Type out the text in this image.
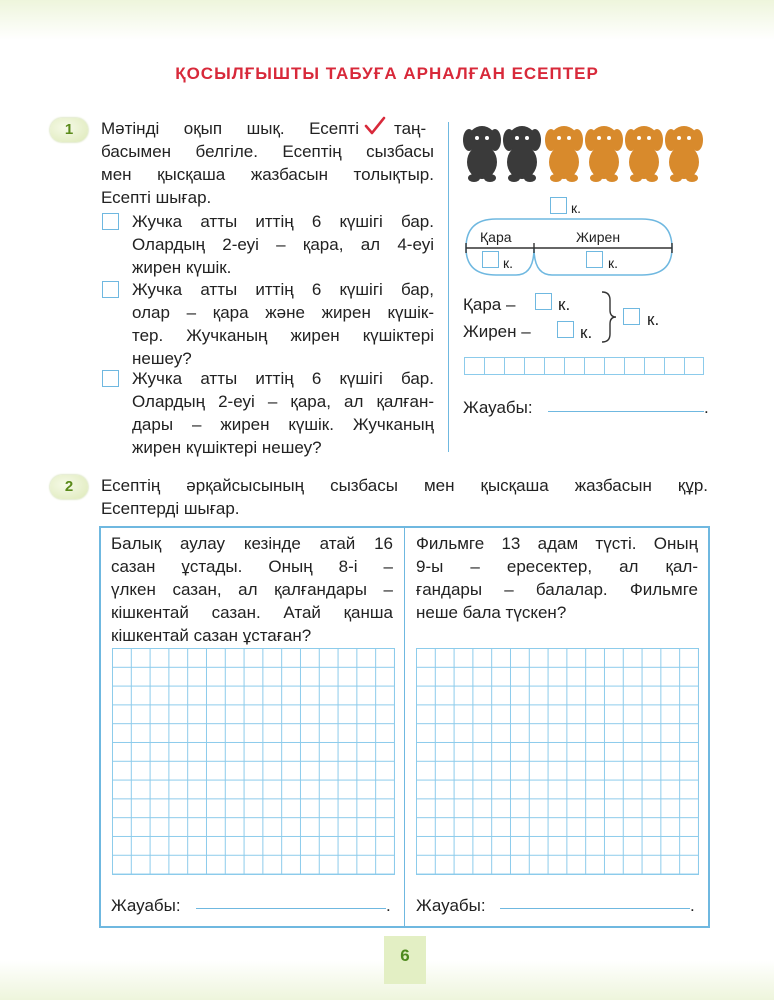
ҚОСЫЛҒЫШТЫ ТАБУҒА АРНАЛҒАН ЕСЕПТЕР
1	Мәтінді оқып шық. Есепті
басымен белгіле. Есептің сызбасы
мен қысқаша жазбасын толықтыр.
Есепті шығар.
таң-
Жучка атты иттің 6 күшігі бар.
Олардың 2-еуі – қара, ал 4-еуі
жирен күшік.
Жучка атты иттің 6 күшігі бар,
олар – қара және жирен күшік-
тер. Жучканың жирен күшіктері
нешеу?
Жучка атты иттің 6 күшігі бар.
Олардың 2-еуі – қара, ал қалған-
дары – жирен күшік. Жучканың
жирен күшіктері нешеу?
к.
Қара	Жирен
к.	к.
Қара –	к.
Жирен –	к.
к.
Жауабы:	.
2	Есептің әрқайсысының сызбасы мен қысқаша жазбасын құр.
Есептерді шығар.
Балық аулау кезінде атай 16
сазан ұстады. Оның 8-і –
үлкен сазан, ал қалғандары –
кішкентай сазан. Атай қанша
кішкентай сазан ұстаған?
Фильмге 13 адам түсті. Оның
9-ы – ересектер, ал қал-
ғандары – балалар. Фильмге
неше бала түскен?
Жауабы:	. Жауабы:	.
6
